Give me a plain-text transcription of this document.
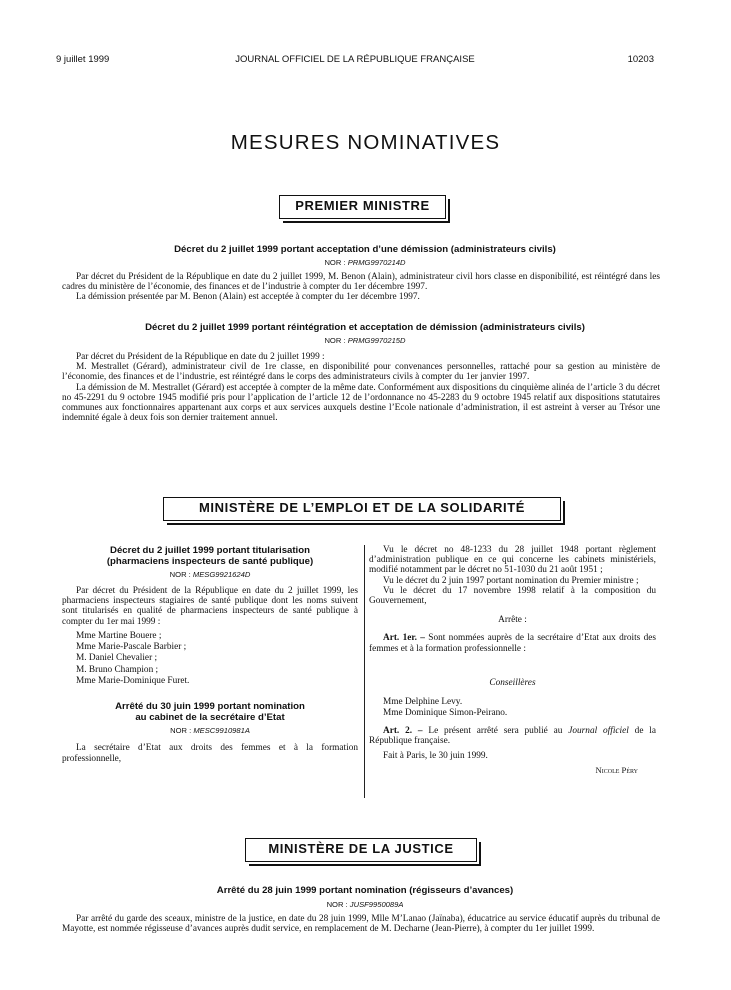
9 juillet 1999	JOURNAL OFFICIEL DE LA RÉPUBLIQUE FRANÇAISE	10203
MESURES NOMINATIVES
PREMIER MINISTRE
Décret du 2 juillet 1999 portant acceptation d’une démission (administrateurs civils)
NOR : PRMG9970214D

Par décret du Président de la République en date du 2 juillet 1999, M. Benon (Alain), administrateur civil hors classe en disponibilité, est réintégré dans les cadres du ministère de l’économie, des finances et de l’industrie à compter du 1er décembre 1997.

La démission présentée par M. Benon (Alain) est acceptée à compter du 1er décembre 1997.

Décret du 2 juillet 1999 portant réintégration et acceptation de démission (administrateurs civils)
NOR : PRMG9970215D

Par décret du Président de la République en date du 2 juillet 1999 :

M. Mestrallet (Gérard), administrateur civil de 1re classe, en disponibilité pour convenances personnelles, rattaché pour sa gestion au ministère de l’économie, des finances et de l’industrie, est réintégré dans le corps des administrateurs civils à compter du 1er janvier 1997.

La démission de M. Mestrallet (Gérard) est acceptée à compter de la même date. Conformément aux dispositions du cinquième alinéa de l’article 3 du décret no 45-2291 du 9 octobre 1945 modifié pris pour l’application de l’article 12 de l’ordonnance no 45-2283 du 9 octobre 1945 relatif aux dispositions statutaires communes aux fonctionnaires appartenant aux corps et aux services auxquels destine l’Ecole nationale d’administration, il est astreint à verser au Trésor une indemnité égale à deux fois son dernier traitement annuel.

MINISTÈRE DE L’EMPLOI ET DE LA SOLIDARITÉ
Décret du 2 juillet 1999 portant titularisation
(pharmaciens inspecteurs de santé publique)
NOR : MESG9921624D

Par décret du Président de la République en date du 2 juillet 1999, les pharmaciens inspecteurs stagiaires de santé publique dont les noms suivent sont titularisés en qualité de pharmaciens inspecteurs de santé publique à compter du 1er mai 1999 :

Mme Martine Bouere ;

Mme Marie-Pascale Barbier ;

M. Daniel Chevalier ;

M. Bruno Champion ;

Mme Marie-Dominique Furet.

Arrêté du 30 juin 1999 portant nomination
au cabinet de la secrétaire d’Etat
NOR : MESC9910981A

La secrétaire d’Etat aux droits des femmes et à la formation professionnelle,

Vu le décret no 48-1233 du 28 juillet 1948 portant règlement d’administration publique en ce qui concerne les cabinets ministériels, modifié notamment par le décret no 51-1030 du 21 août 1951 ;

Vu le décret du 2 juin 1997 portant nomination du Premier ministre ;

Vu le décret du 17 novembre 1998 relatif à la composition du Gouvernement,

Arrête :

Art. 1er. – Sont nommées auprès de la secrétaire d’Etat aux droits des femmes et à la formation professionnelle :

Conseillères

Mme Delphine Levy.

Mme Dominique Simon-Peirano.

Art. 2. – Le présent arrêté sera publié au Journal officiel de la République française.

Fait à Paris, le 30 juin 1999.

Nicole Péry
MINISTÈRE DE LA JUSTICE
Arrêté du 28 juin 1999 portant nomination (régisseurs d’avances)
NOR : JUSF9950089A

Par arrêté du garde des sceaux, ministre de la justice, en date du 28 juin 1999, Mlle M’Lanao (Jaïnaba), éducatrice au service éducatif auprès du tribunal de Mayotte, est nommée régisseuse d’avances auprès dudit service, en remplacement de M. Decharne (Jean-Pierre), à compter du 1er juillet 1999.
